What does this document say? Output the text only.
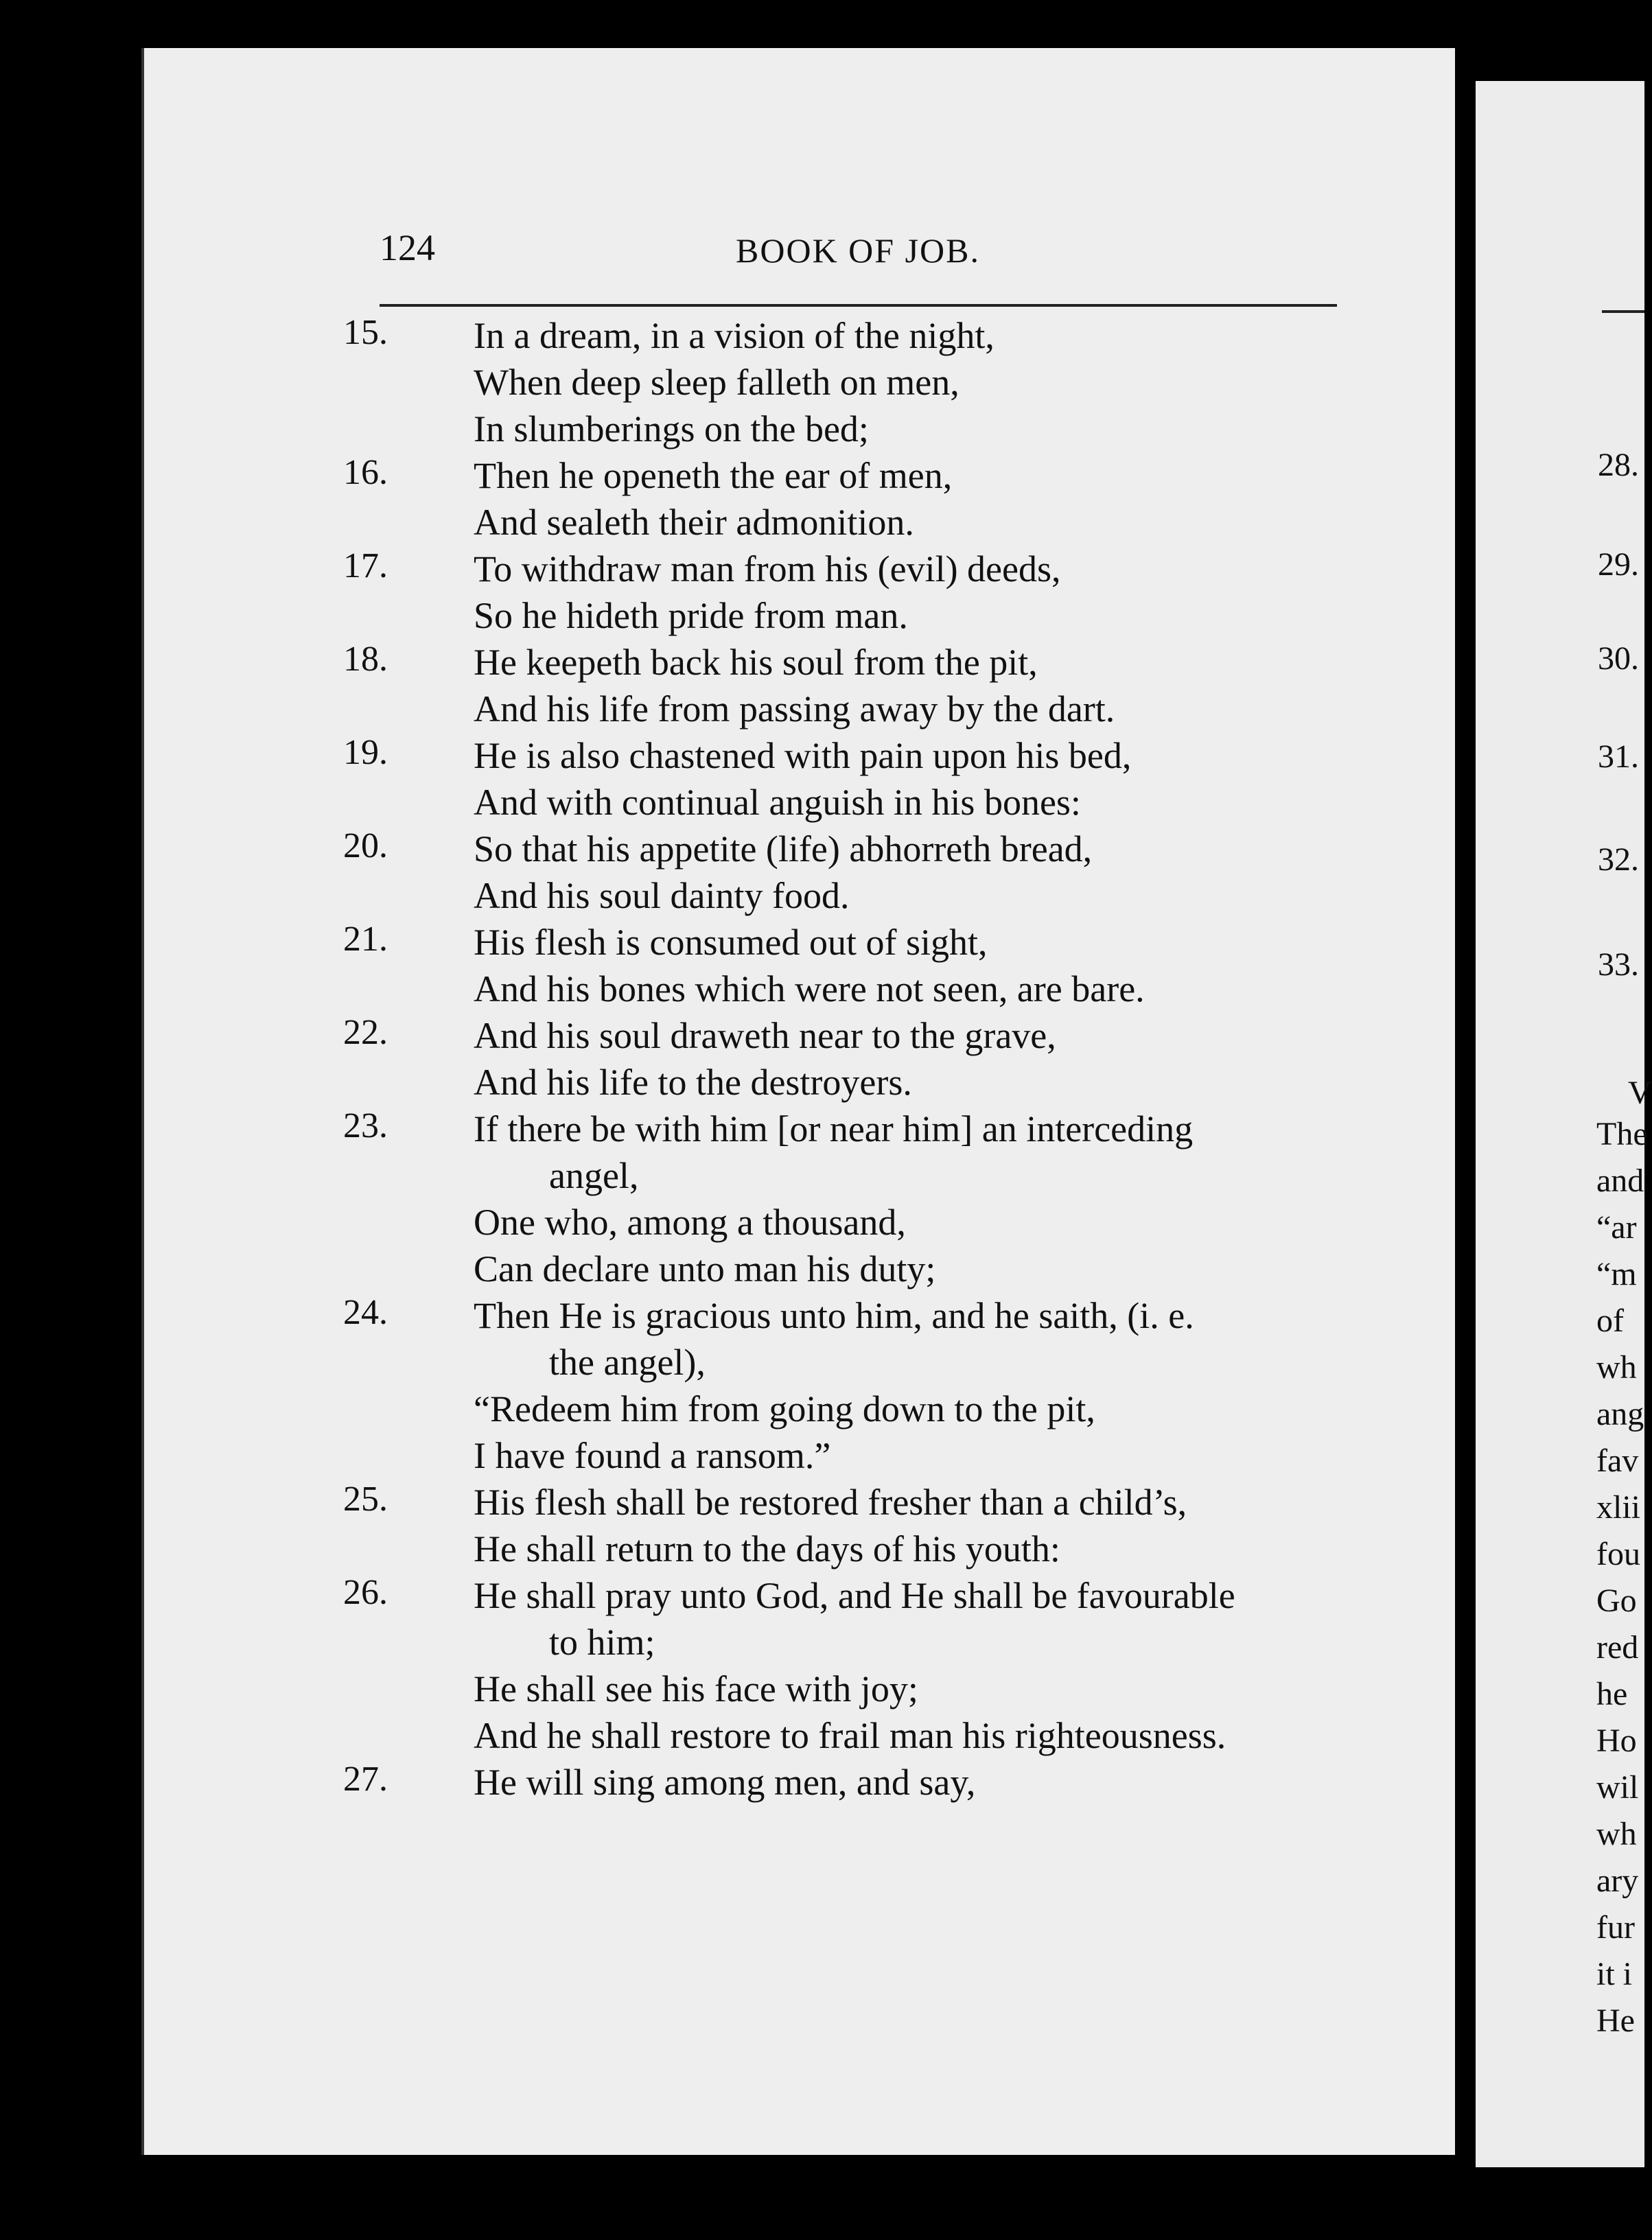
124	BOOK OF JOB.
15.	In a dream, in a vision of the night,
When deep sleep falleth on men,
In slumberings on the bed;
16.	Then he openeth the ear of men,
And sealeth their admonition.
17.	To withdraw man from his (evil) deeds,
So he hideth pride from man.
18.	He keepeth back his soul from the pit,
And his life from passing away by the dart.
19.	He is also chastened with pain upon his bed,
And with continual anguish in his bones:
20.	So that his appetite (life) abhorreth bread,
And his soul dainty food.
21.	His flesh is consumed out of sight,
And his bones which were not seen, are bare.
22.	And his soul draweth near to the grave,
And his life to the destroyers.
23.	If there be with him [or near him] an interceding
angel,
One who, among a thousand,
Can declare unto man his duty;
24.	Then He is gracious unto him, and he saith, (i. e.
the angel),
“Redeem him from going down to the pit,
I have found a ransom.”
25.	His flesh shall be restored fresher than a child’s,
He shall return to the days of his youth:
26.	He shall pray unto God, and He shall be favourable
to him;
He shall see his face with joy;
And he shall restore to frail man his righteousness.
27.	He will sing among men, and say,
28.
29.
30.
31.
32.
33.
V
The
and
“ar
“m
of
wh
ang
fav
xlii
fou
Go
red
he
Ho
wil
wh
ary
fur
it i
He
